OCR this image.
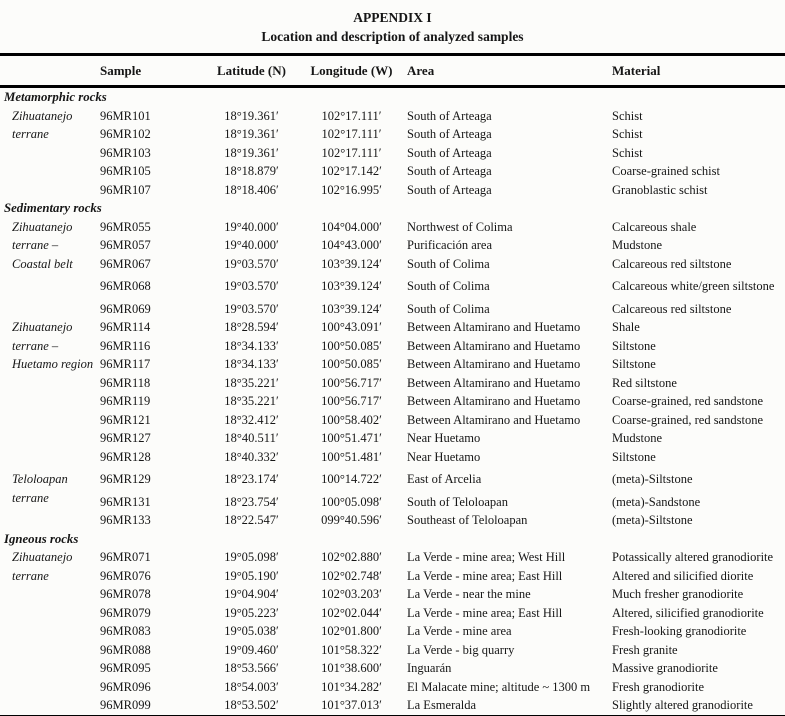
APPENDIX I
Location and description of analyzed samples
	Sample	Latitude (N)	Longitude (W)	Area	Material
Metamorphic rocks					
Zihuatanejo
terrane	96MR101	18°19.361′	102°17.111′	South of Arteaga	Schist
	96MR102	18°19.361′	102°17.111′	South of Arteaga	Schist
	96MR103	18°19.361′	102°17.111′	South of Arteaga	Schist
	96MR105	18°18.879′	102°17.142′	South of Arteaga	Coarse-grained schist
	96MR107	18°18.406′	102°16.995′	South of Arteaga	Granoblastic schist
Sedimentary rocks					
Zihuatanejo
terrane –
Coastal belt	96MR055	19°40.000′	104°04.000′	Northwest of Colima	Calcareous shale
	96MR057	19°40.000′	104°43.000′	Purificación area	Mudstone
	96MR067	19°03.570′	103°39.124′	South of Colima	Calcareous red siltstone
	96MR068	19°03.570′	103°39.124′	South of Colima	Calcareous white/green siltstone
	96MR069	19°03.570′	103°39.124′	South of Colima	Calcareous red siltstone
Zihuatanejo
terrane –
Huetamo region	96MR114	18°28.594′	100°43.091′	Between Altamirano and Huetamo	Shale
	96MR116	18°34.133′	100°50.085′	Between Altamirano and Huetamo	Siltstone
	96MR117	18°34.133′	100°50.085′	Between Altamirano and Huetamo	Siltstone
	96MR118	18°35.221′	100°56.717′	Between Altamirano and Huetamo	Red siltstone
	96MR119	18°35.221′	100°56.717′	Between Altamirano and Huetamo	Coarse-grained, red sandstone
	96MR121	18°32.412′	100°58.402′	Between Altamirano and Huetamo	Coarse-grained, red sandstone
	96MR127	18°40.511′	100°51.471′	Near Huetamo	Mudstone
	96MR128	18°40.332′	100°51.481′	Near Huetamo	Siltstone
Teloloapan
terrane	96MR129	18°23.174′	100°14.722′	East of Arcelia	(meta)-Siltstone
	96MR131	18°23.754′	100°05.098′	South of Teloloapan	(meta)-Sandstone
	96MR133	18°22.547′	099°40.596′	Southeast of Teloloapan	(meta)-Siltstone
Igneous rocks					
Zihuatanejo
terrane	96MR071	19°05.098′	102°02.880′	La Verde - mine area; West Hill	Potassically altered granodiorite
	96MR076	19°05.190′	102°02.748′	La Verde - mine area; East Hill	Altered and silicified diorite
	96MR078	19°04.904′	102°03.203′	La Verde - near the mine	Much fresher granodiorite
	96MR079	19°05.223′	102°02.044′	La Verde - mine area; East Hill	Altered, silicified granodiorite
	96MR083	19°05.038′	102°01.800′	La Verde - mine area	Fresh-looking granodiorite
	96MR088	19°09.460′	101°58.322′	La Verde - big quarry	Fresh granite
	96MR095	18°53.566′	101°38.600′	Inguarán	Massive granodiorite
	96MR096	18°54.003′	101°34.282′	El Malacate mine; altitude ~ 1300 m	Fresh granodiorite
	96MR099	18°53.502′	101°37.013′	La Esmeralda	Slightly altered granodiorite
